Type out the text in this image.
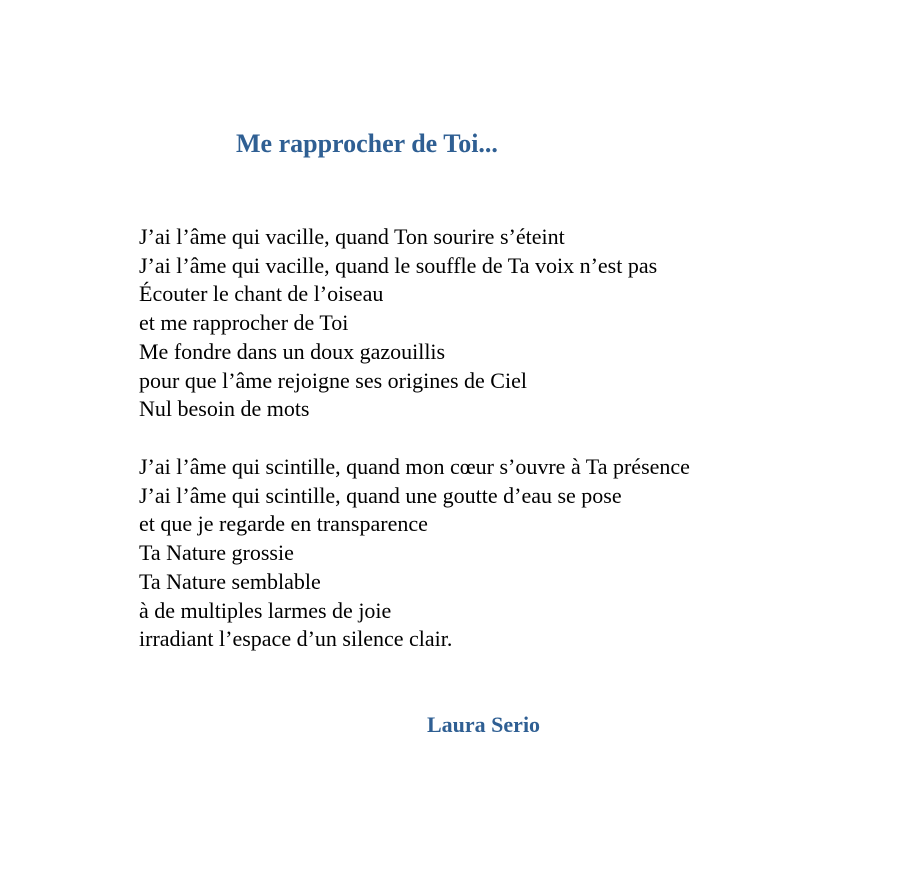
Me rapprocher de Toi...
J’ai l’âme qui vacille, quand Ton sourire s’éteint
J’ai l’âme qui vacille, quand le souffle de Ta voix n’est pas
Écouter le chant de l’oiseau
et me rapprocher de Toi
Me fondre dans un doux gazouillis
pour que l’âme rejoigne ses origines de Ciel
Nul besoin de mots
J’ai l’âme qui scintille, quand mon cœur s’ouvre à Ta présence
J’ai l’âme qui scintille, quand une goutte d’eau se pose
et que je regarde en transparence
Ta Nature grossie
Ta Nature semblable
à de multiples larmes de joie
irradiant l’espace d’un silence clair.

Laura Serio
